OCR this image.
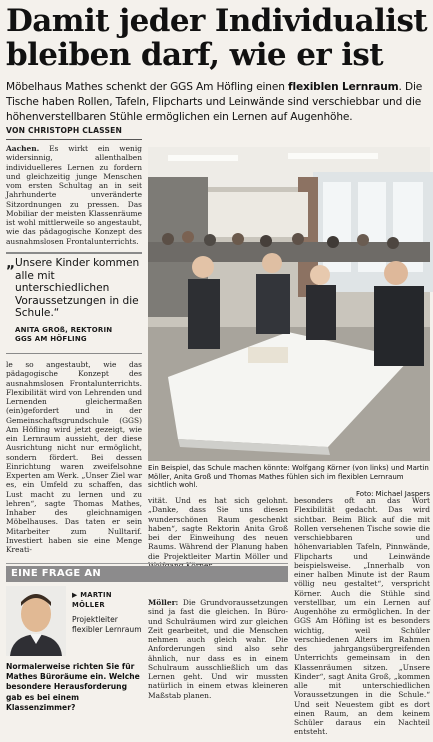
Damit jeder Individualist
bleiben darf, wie er ist

Möbelhaus Mathes schenkt der GGS Am Höfling einen flexiblen Lernraum. Die Tische haben Rollen, Tafeln, Flipcharts und Leinwände sind verschiebbar und die höhenverstellbaren Stühle ermöglichen ein Lernen auf Augenhöhe.

VON CHRISTOPH CLASSEN
Aachen. Es wirkt ein wenig widersinnig, allenthalben individuelleres Lernen zu fordern und gleichzeitig junge Menschen vom ersten Schultag an in seit Jahrhunderte unveränderte Sitzordnungen zu pressen. Das Mobiliar der meisten Klassenräume ist wohl mittlerweile so angestaubt, wie das pädagogische Konzept des ausnahmslosen Frontalunterrichts.
„ Unsere Kinder kommen alle mit unterschiedlichen Voraussetzungen in die Schule.“
ANITA GROß, REKTORIN
GGS AM HÖFLING
le so angestaubt, wie das pädagogische Konzept des ausnahmslosen Frontalunterrichts. Flexibilität wird von Lehrenden und Lernenden gleichermaßen (ein)gefordert und in der Gemeinschaftsgrundschule (GGS) Am Höfling wird jetzt gezeigt, wie ein Lernraum aussieht, der diese Ausrichtung nicht nur ermöglicht, sondern fördert. Bei dessen Einrichtung waren zweifelsohne Experten am Werk. „Unser Ziel war es, ein Umfeld zu schaffen, das Lust macht zu lernen und zu lehren“, sagte Thomas Mathes, Inhaber des gleichnamigen Möbelhauses. Das taten er sein Mitarbeiter zum Nulltarif. Investiert haben sie eine Menge Kreati-
Ein Beispiel, das Schule machen könnte: Wolfgang Körner (von links) und Martin Möller, Anita Groß und Thomas Mathes fühlen sich im flexiblen Lernraum sichtlich wohl.
Foto: Michael Jaspers
vität. Und es hat sich gelohnt. „Danke, dass Sie uns diesen wunderschönen Raum geschenkt haben“, sagte Rektorin Anita Groß bei der Einweihung des neuen Raums. Während der Planung haben die Projektleiter Martin Möller und
besonders oft an das Wort Flexibilität gedacht. Das wird sichtbar. Beim Blick auf die mit Rollen versehenen Tische sowie die verschiebbaren und höhenvariablen Tafeln, Pinnwände, Flipcharts und Leinwände beispielsweise. „Innerhalb von einer halben Minute ist der Raum völlig neu gestaltet“, verspricht Körner. Auch die Stühle sind verstellbar, um ein Lernen auf Augenhöhe zu ermöglichen. In der GGS Am Höfling ist es besonders wichtig, weil Schüler verschiedenen Alters im Rahmen des jahrgangsübergreifenden Unterrichts gemeinsam in den Klassenräumen sitzen. „Unsere Kinder“, sagt Anita Groß, „kommen alle mit unterschiedlichen Voraussetzungen in die Schule.“ Und seit Neuestem gibt es dort einen Raum, an dem keinem Schüler daraus ein Nachteil entsteht.
EINE FRAGE AN
▶ MARTIN MÖLLER
Projektleiter flexibler Lernraum
Normalerweise richten Sie für Mathes Büroräume ein. Welche besondere Herausforderung gab es bei einem Klassenzimmer?
Möller: Die Grundvoraussetzungen sind ja fast die gleichen. In Büro- und Schulräumen wird zur gleichen Zeit gearbeitet, und die Menschen nehmen auch gleich wahr. Die Anforderungen sind also sehr ähnlich, nur dass es in einem Schulraum ausschließlich um das Lernen geht. Und wir mussten natürlich in einem etwas kleineren Maßstab planen.
